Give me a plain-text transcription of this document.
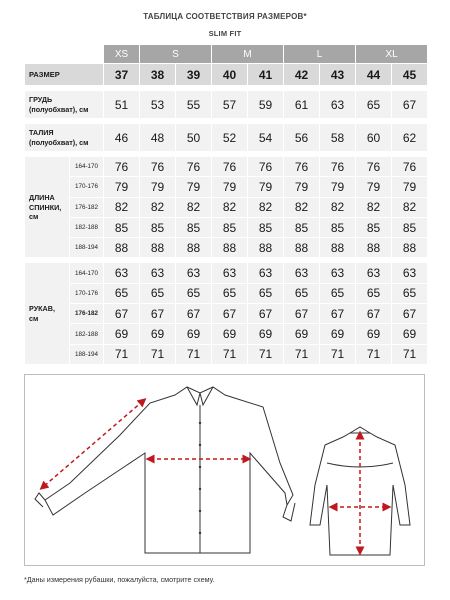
ТАБЛИЦА СООТВЕТСТВИЯ РАЗМЕРОВ*
SLIM FIT
		XS	S		M		L		XL	
РАЗМЕР		37	38	39	40	41	42	43	44	45

ГРУДЬ
(полуобхват), см		51	53	55	57	59	61	63	65	67

ТАЛИЯ
(полуобхват), см		46	48	50	52	54	56	58	60	62

ДЛИНА
СПИНКИ,
см	164-170	76	76	76	76	76	76	76	76	76
	170-176	79	79	79	79	79	79	79	79	79
	176-182	82	82	82	82	82	82	82	82	82
	182-188	85	85	85	85	85	85	85	85	85
	188-194	88	88	88	88	88	88	88	88	88

РУКАВ,
см	164-170	63	63	63	63	63	63	63	63	63
	170-176	65	65	65	65	65	65	65	65	65
	176-182	67	67	67	67	67	67	67	67	67
	182-188	69	69	69	69	69	69	69	69	69
	188-194	71	71	71	71	71	71	71	71	71
*Даны измерения рубашки, пожалуйста, смотрите схему.
